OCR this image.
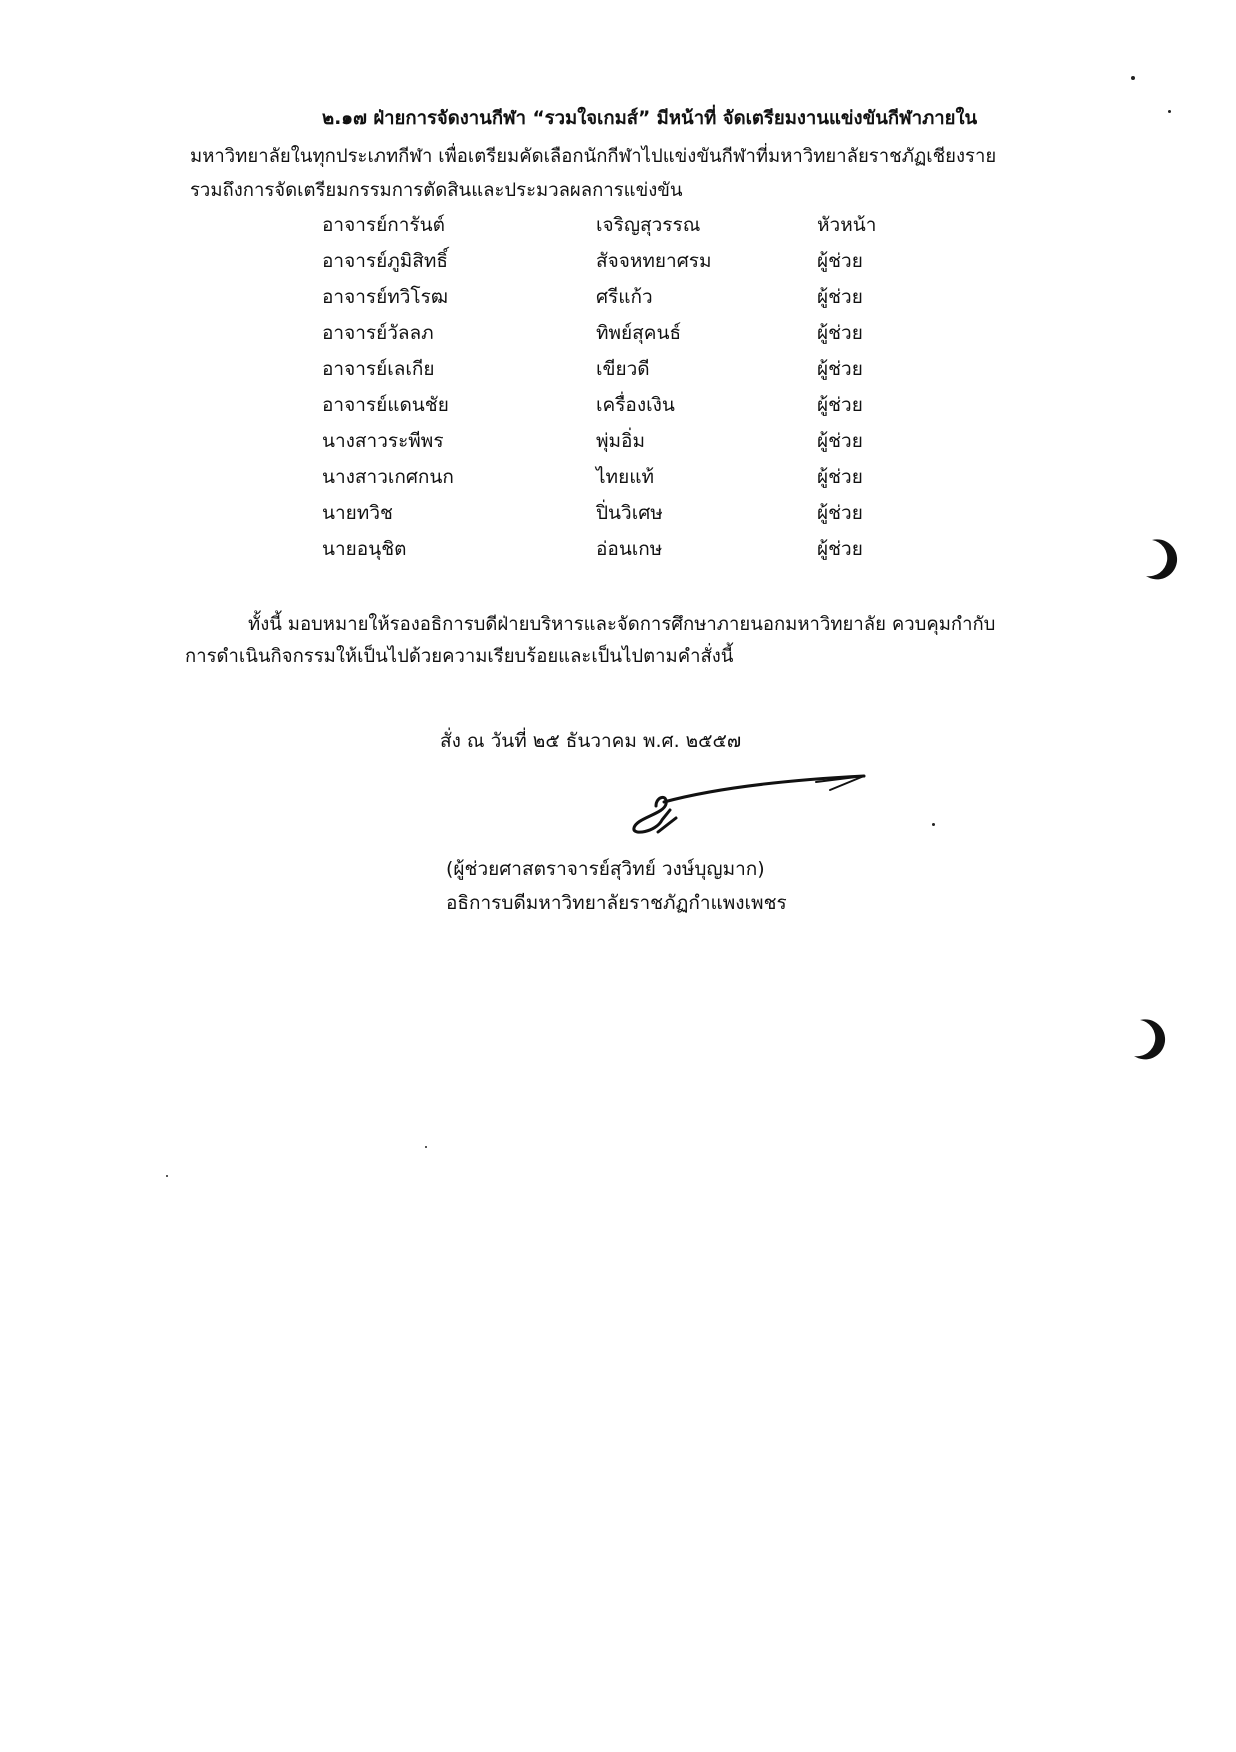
๒.๑๗ ฝ่ายการจัดงานกีฬา “รวมใจเกมส์” มีหน้าที่ จัดเตรียมงานแข่งขันกีฬาภายใน
มหาวิทยาลัยในทุกประเภทกีฬา เพื่อเตรียมคัดเลือกนักกีฬาไปแข่งขันกีฬาที่มหาวิทยาลัยราชภัฏเชียงราย
รวมถึงการจัดเตรียมกรรมการตัดสินและประมวลผลการแข่งขัน
อาจารย์การันต์	เจริญสุวรรณ	หัวหน้า
อาจารย์ภูมิสิทธิ์	สัจจหทยาศรม	ผู้ช่วย
อาจารย์ทวิโรฒ	ศรีแก้ว	ผู้ช่วย
อาจารย์วัลลภ	ทิพย์สุคนธ์	ผู้ช่วย
อาจารย์เลเกีย	เขียวดี	ผู้ช่วย
อาจารย์แดนชัย	เครื่องเงิน	ผู้ช่วย
นางสาวระพีพร	พุ่มอิ่ม	ผู้ช่วย
นางสาวเกศกนก	ไทยแท้	ผู้ช่วย
นายทวิช	ปิ่นวิเศษ	ผู้ช่วย
นายอนุชิต	อ่อนเกษ	ผู้ช่วย
ทั้งนี้ มอบหมายให้รองอธิการบดีฝ่ายบริหารและจัดการศึกษาภายนอกมหาวิทยาลัย ควบคุมกำกับ
การดำเนินกิจกรรมให้เป็นไปด้วยความเรียบร้อยและเป็นไปตามคำสั่งนี้
สั่ง ณ วันที่ ๒๕ ธันวาคม พ.ศ. ๒๕๕๗
(ผู้ช่วยศาสตราจารย์สุวิทย์ วงษ์บุญมาก)
อธิการบดีมหาวิทยาลัยราชภัฏกำแพงเพชร
